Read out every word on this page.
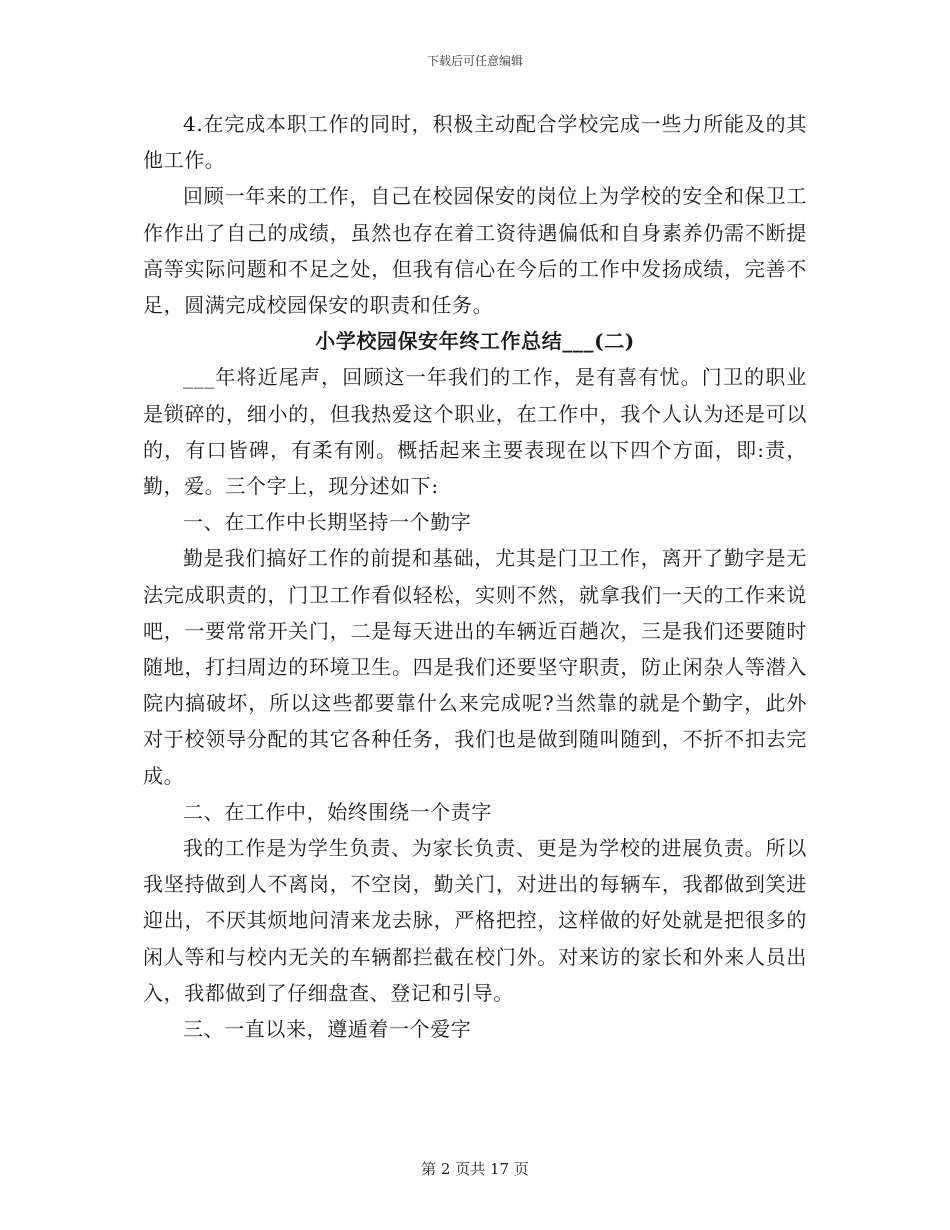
下载后可任意编辑

4.在完成本职工作的同时，积极主动配合学校完成一些力所能及的其他工作。

回顾一年来的工作，自己在校园保安的岗位上为学校的安全和保卫工作作出了自己的成绩，虽然也存在着工资待遇偏低和自身素养仍需不断提高等实际问题和不足之处，但我有信心在今后的工作中发扬成绩，完善不足，圆满完成校园保安的职责和任务。

小学校园保安年终工作总结___(二)

___年将近尾声，回顾这一年我们的工作，是有喜有忧。门卫的职业是锁碎的，细小的，但我热爱这个职业，在工作中，我个人认为还是可以的，有口皆碑，有柔有刚。概括起来主要表现在以下四个方面，即:责，勤，爱。三个字上，现分述如下:

一、在工作中长期坚持一个勤字

勤是我们搞好工作的前提和基础，尤其是门卫工作，离开了勤字是无法完成职责的，门卫工作看似轻松，实则不然，就拿我们一天的工作来说吧，一要常常开关门，二是每天进出的车辆近百趟次，三是我们还要随时随地，打扫周边的环境卫生。四是我们还要坚守职责，防止闲杂人等潜入院内搞破坏，所以这些都要靠什么来完成呢?当然靠的就是个勤字，此外对于校领导分配的其它各种任务，我们也是做到随叫随到，不折不扣去完成。

二、在工作中，始终围绕一个责字

我的工作是为学生负责、为家长负责、更是为学校的进展负责。所以我坚持做到人不离岗，不空岗，勤关门，对进出的每辆车，我都做到笑进迎出，不厌其烦地问清来龙去脉，严格把控，这样做的好处就是把很多的闲人等和与校内无关的车辆都拦截在校门外。对来访的家长和外来人员出入，我都做到了仔细盘查、登记和引导。

三、一直以来，遵遁着一个爱字

第 2 页共 17 页
